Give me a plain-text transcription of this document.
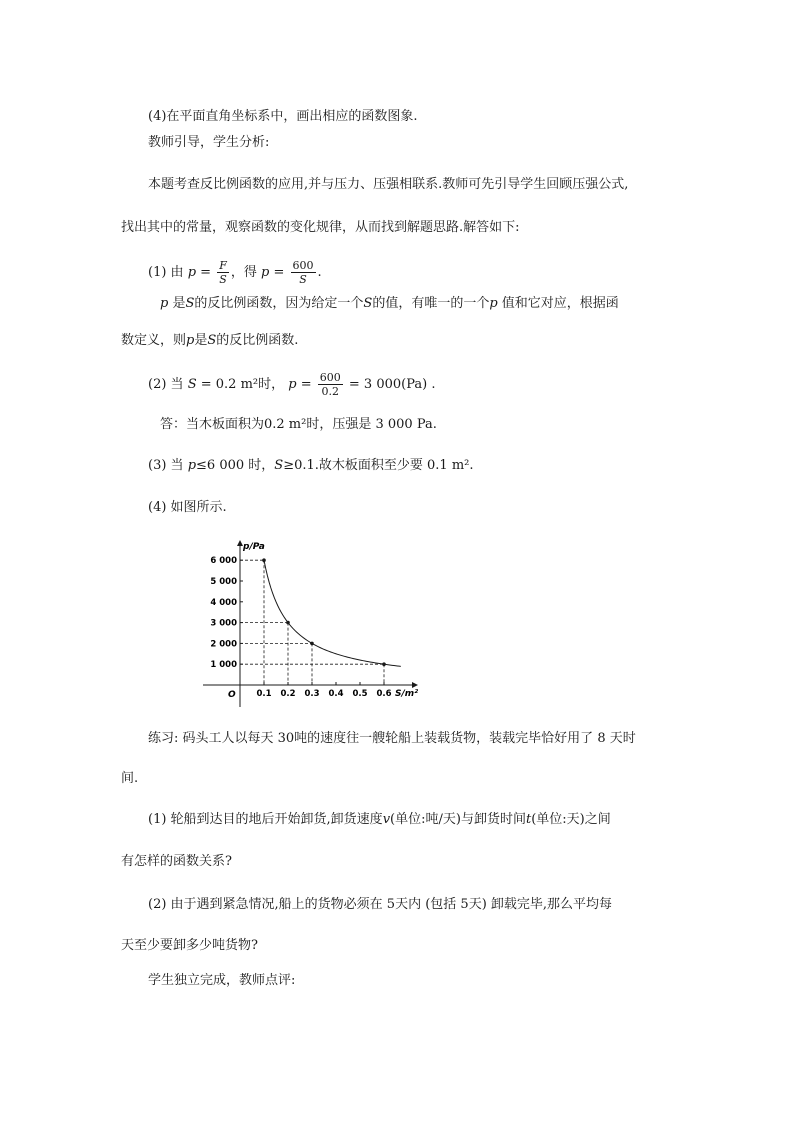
(4)在平面直角坐标系中，画出相应的函数图象.
教师引导，学生分析:
本题考查反比例函数的应用,并与压力、压强相联系.教师可先引导学生回顾压强公式,
找出其中的常量，观察函数的变化规律，从而找到解题思路.解答如下:
(1) 由 $p = \frac{F}{S}$ ，得 $p = \frac{600}{S}$ .
p 是S的反比例函数，因为给定一个S的值，有唯一的一个p 值和它对应，根据函
数定义，则p是S的反比例函数.
(2) 当 S = 0.2 m²时， $p = \frac{600}{0.2} = 3$ 000(Pa) .
答：当木板面积为0.2 m²时，压强是 3 000 Pa.
(3) 当 p≤6 000 时，S≥0.1.故木板面积至少要 0.1 m².
(4) 如图所示.
p/Pa
S/m²
O
1 000
2 000
3 000
4 000
5 000
6 000
0.1 0.2 0.3 0.4 0.5 0.6
练习: 码头工人以每天 30吨的速度往一艘轮船上装载货物，装载完毕恰好用了 8 天时
间.
(1) 轮船到达目的地后开始卸货,卸货速度v(单位:吨/天)与卸货时间t(单位:天)之间
有怎样的函数关系?
(2) 由于遇到紧急情况,船上的货物必须在 5天内 (包括 5天) 卸载完毕,那么平均每
天至少要卸多少吨货物?
学生独立完成，教师点评:
